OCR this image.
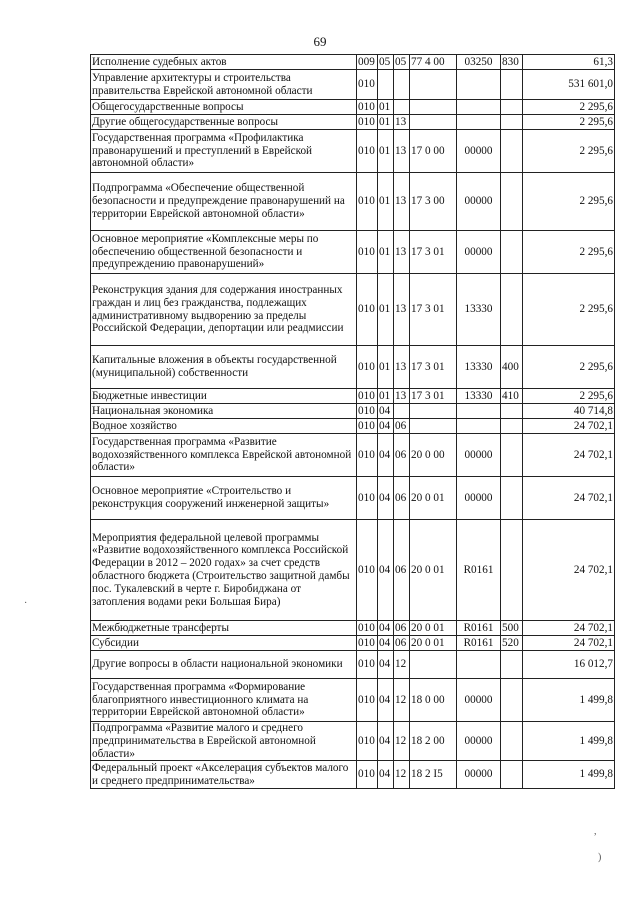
69
Исполнение судебных актов	009	05	05	77 4 00	03250	830	61,3
Управление архитектуры и строительства правительства Еврейской автономной области	010						531 601,0
Общегосударственные вопросы	010	01					2 295,6
Другие общегосударственные вопросы	010	01	13				2 295,6
Государственная программа «Профилактика правонарушений и преступлений в Еврейской автономной области»	010	01	13	17 0 00	00000		2 295,6
Подпрограмма «Обеспечение общественной безопасности и предупреждение правонарушений на территории Еврейской автономной области»	010	01	13	17 3 00	00000		2 295,6
Основное мероприятие «Комплексные меры по обеспечению общественной безопасности и предупреждению правонарушений»	010	01	13	17 3 01	00000		2 295,6
Реконструкция здания для содержания иностранных граждан и лиц без гражданства, подлежащих административному выдворению за пределы Российской Федерации, депортации или реадмиссии	010	01	13	17 3 01	13330		2 295,6
Капитальные вложения в объекты государственной (муниципальной) собственности	010	01	13	17 3 01	13330	400	2 295,6
Бюджетные инвестиции	010	01	13	17 3 01	13330	410	2 295,6
Национальная экономика	010	04					40 714,8
Водное хозяйство	010	04	06				24 702,1
Государственная программа «Развитие водохозяйственного комплекса Еврейской автономной области»	010	04	06	20 0 00	00000		24 702,1
Основное мероприятие «Строительство и реконструкция сооружений инженерной защиты»	010	04	06	20 0 01	00000		24 702,1
Мероприятия федеральной целевой программы «Развитие водохозяйственного комплекса Российской Федерации в 2012 – 2020 годах» за счет средств областного бюджета (Строительство защитной дамбы пос. Тукалевский в черте г. Биробиджана от затопления водами реки Большая Бира)	010	04	06	20 0 01	R0161		24 702,1
Межбюджетные трансферты	010	04	06	20 0 01	R0161	500	24 702,1
Субсидии	010	04	06	20 0 01	R0161	520	24 702,1
Другие вопросы в области национальной экономики	010	04	12				16 012,7
Государственная программа «Формирование благоприятного инвестиционного климата на территории Еврейской автономной области»	010	04	12	18 0 00	00000		1 499,8
Подпрограмма «Развитие малого и среднего предпринимательства в Еврейской автономной области»	010	04	12	18 2 00	00000		1 499,8
Федеральный проект «Акселерация субъектов малого и среднего предпринимательства»	010	04	12	18 2 I5	00000		1 499,8
·
,
)
